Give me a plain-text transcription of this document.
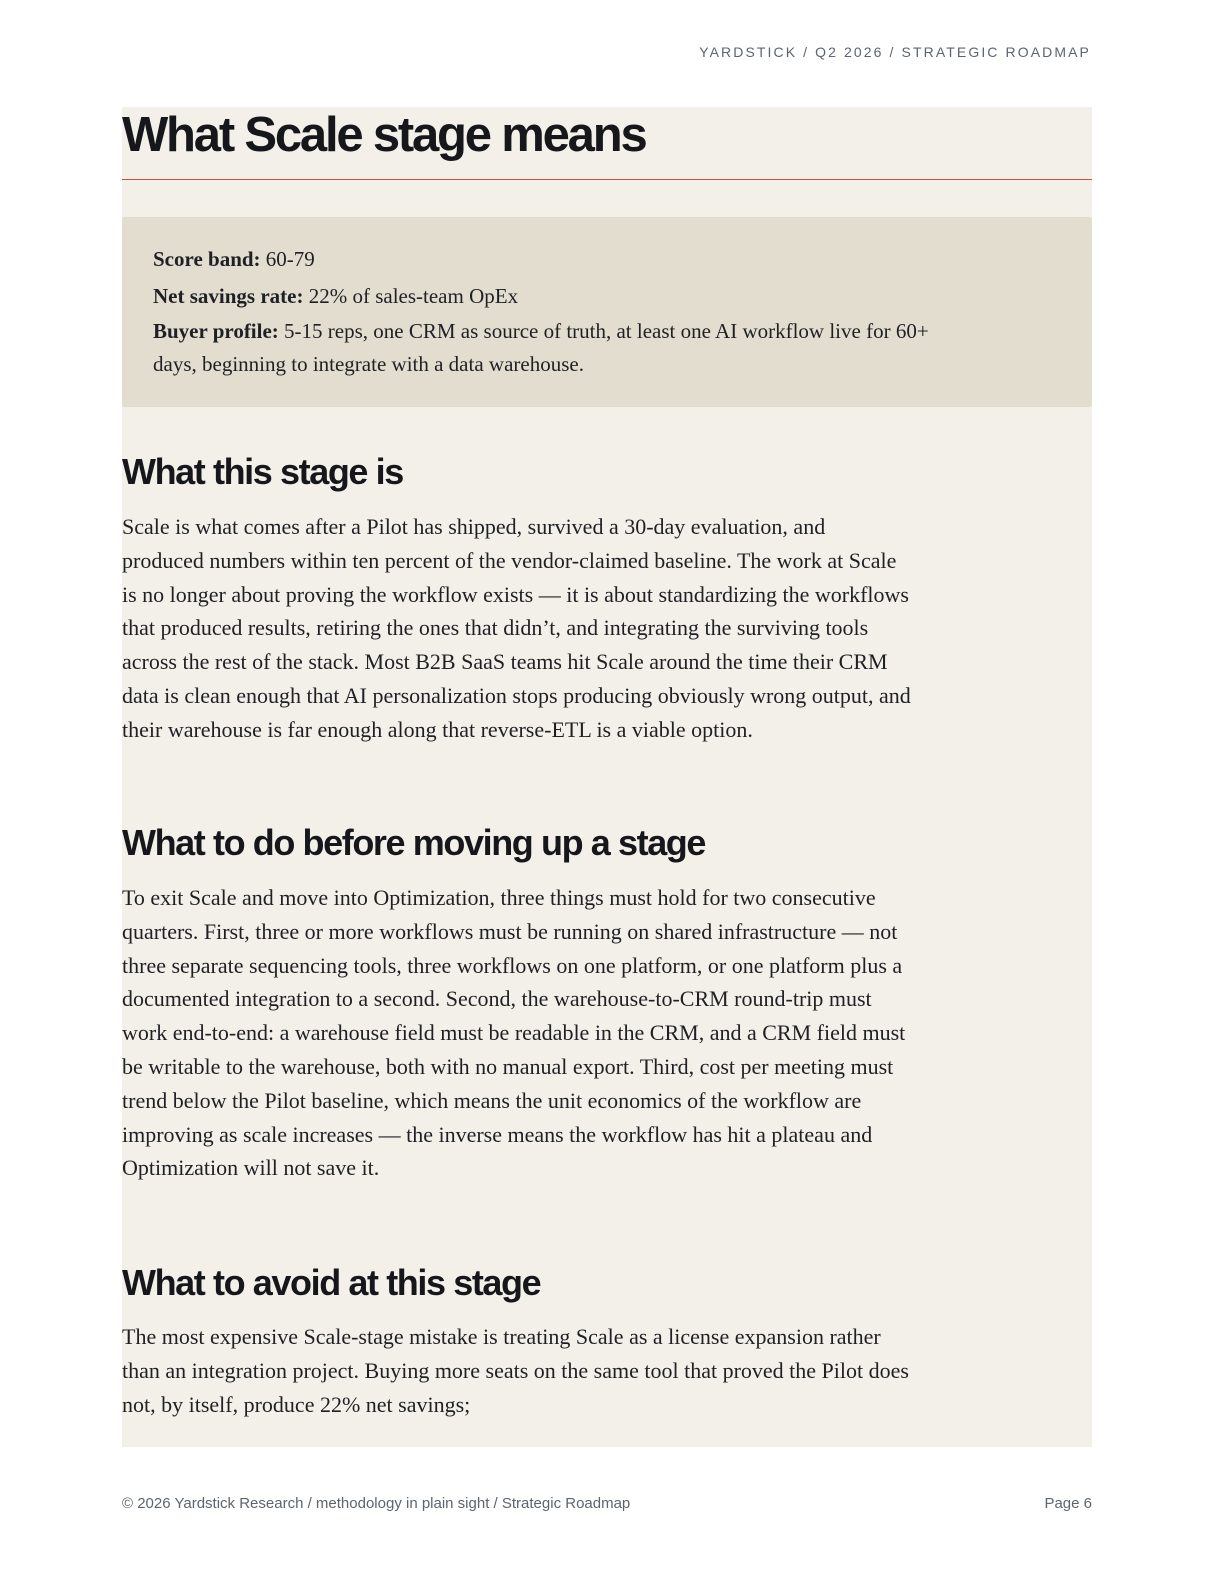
YARDSTICK / Q2 2026 / STRATEGIC ROADMAP
What Scale stage means
Score band: 60-79
Net savings rate: 22% of sales-team OpEx
Buyer profile: 5-15 reps, one CRM as source of truth, at least one AI workflow live for 60+ days, beginning to integrate with a data warehouse.
What this stage is

Scale is what comes after a Pilot has shipped, survived a 30-day evaluation, and produced numbers within ten percent of the vendor-claimed baseline. The work at Scale is no longer about proving the workflow exists — it is about standardizing the workflows that produced results, retiring the ones that didn’t, and integrating the surviving tools across the rest of the stack. Most B2B SaaS teams hit Scale around the time their CRM data is clean enough that AI personalization stops producing obviously wrong output, and their warehouse is far enough along that reverse-ETL is a viable option.

What to do before moving up a stage

To exit Scale and move into Optimization, three things must hold for two consecutive quarters. First, three or more workflows must be running on shared infrastructure — not three separate sequencing tools, three workflows on one platform, or one platform plus a documented integration to a second. Second, the warehouse-to-CRM round-trip must work end-to-end: a warehouse field must be readable in the CRM, and a CRM field must be writable to the warehouse, both with no manual export. Third, cost per meeting must trend below the Pilot baseline, which means the unit economics of the workflow are improving as scale increases — the inverse means the workflow has hit a plateau and Optimization will not save it.

What to avoid at this stage

The most expensive Scale-stage mistake is treating Scale as a license expansion rather than an integration project. Buying more seats on the same tool that proved the Pilot does not, by itself, produce 22% net savings;

© 2026 Yardstick Research / methodology in plain sight / Strategic Roadmap	Page 6
